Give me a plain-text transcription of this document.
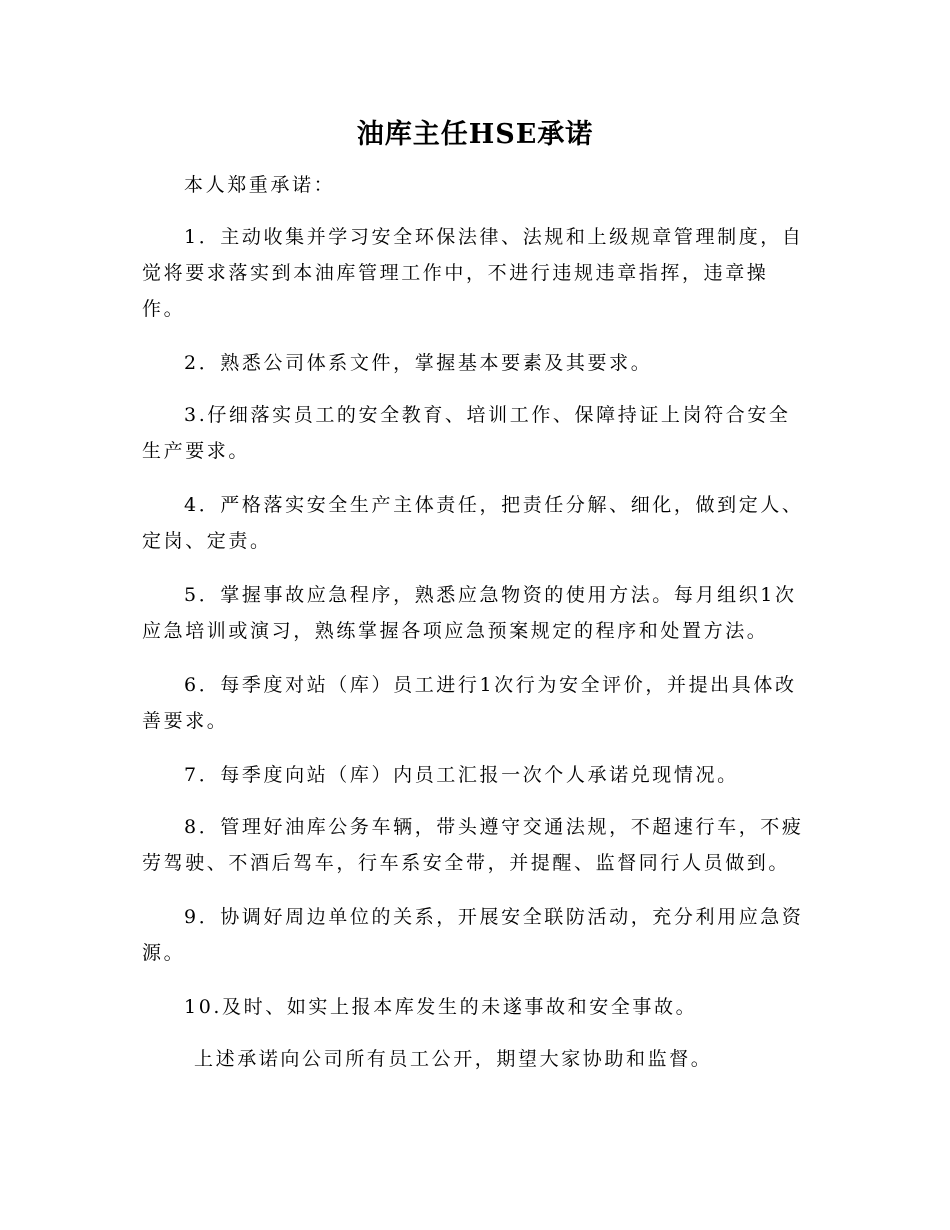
油库主任HSE承诺

本人郑重承诺：

1．主动收集并学习安全环保法律、法规和上级规章管理制度，自觉将要求落实到本油库管理工作中，不进行违规违章指挥，违章操作。

2．熟悉公司体系文件，掌握基本要素及其要求。

3.仔细落实员工的安全教育、培训工作、保障持证上岗符合安全生产要求。

4．严格落实安全生产主体责任，把责任分解、细化，做到定人、定岗、定责。

5．掌握事故应急程序，熟悉应急物资的使用方法。每月组织1次应急培训或演习，熟练掌握各项应急预案规定的程序和处置方法。

6．每季度对站（库）员工进行1次行为安全评价，并提出具体改善要求。

7．每季度向站（库）内员工汇报一次个人承诺兑现情况。

8．管理好油库公务车辆，带头遵守交通法规，不超速行车，不疲劳驾驶、不酒后驾车，行车系安全带，并提醒、监督同行人员做到。

9．协调好周边单位的关系，开展安全联防活动，充分利用应急资源。

10.及时、如实上报本库发生的未遂事故和安全事故。

上述承诺向公司所有员工公开，期望大家协助和监督。
